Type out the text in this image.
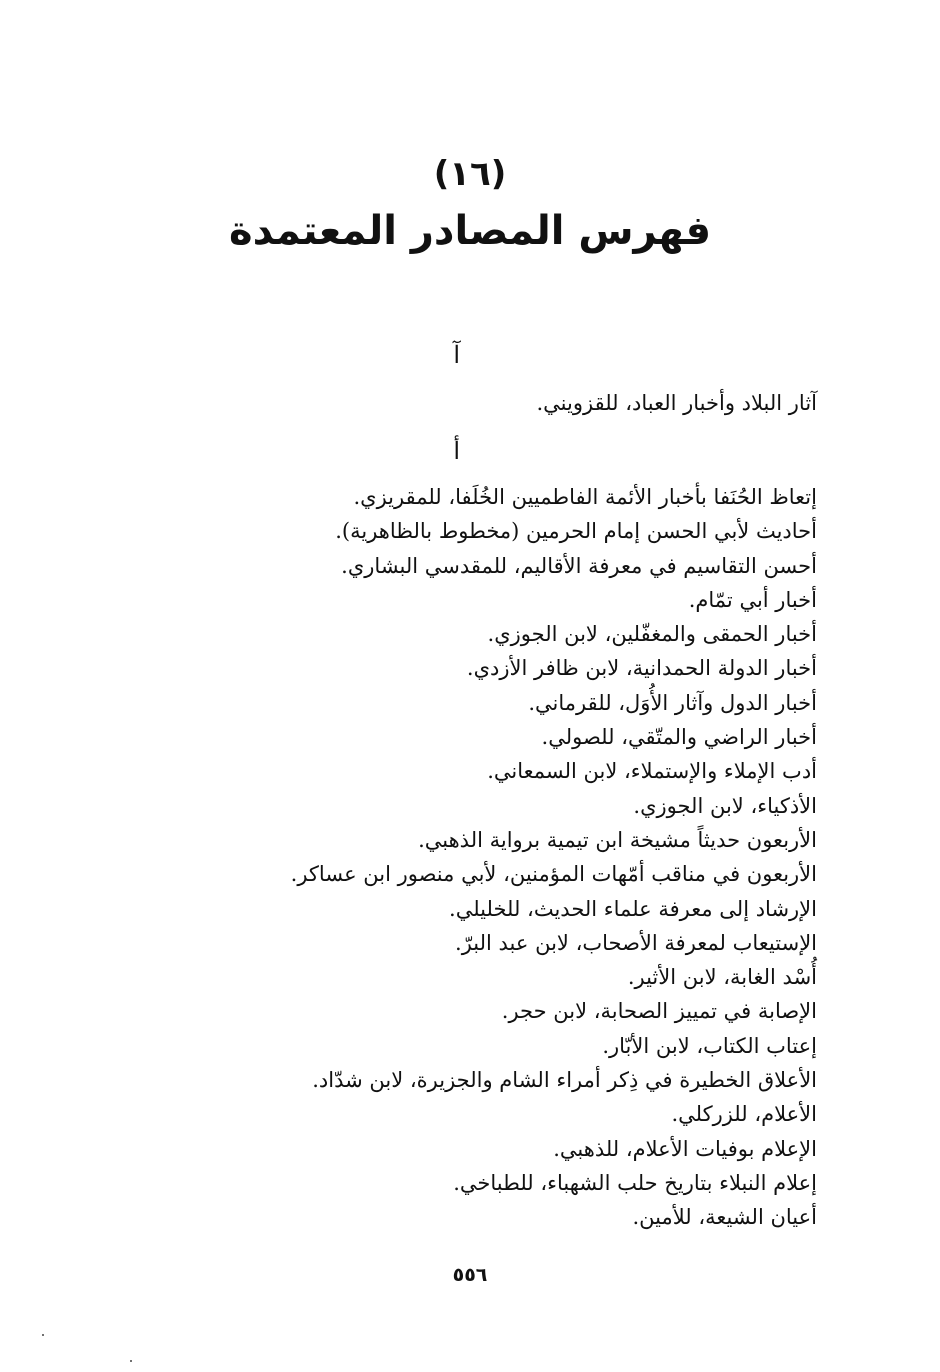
(١٦)
فهرس المصادر المعتمدة
آ
آثار البلاد وأخبار العباد، للقزويني.
أ
إتعاظ الحُنَفا بأخبار الأئمة الفاطميين الخُلَفا، للمقريزي.
أحاديث لأبي الحسن إمام الحرمين (مخطوط بالظاهرية).
أحسن التقاسيم في معرفة الأقاليم، للمقدسي البشاري.
أخبار أبي تمّام.
أخبار الحمقى والمغفّلين، لابن الجوزي.
أخبار الدولة الحمدانية، لابن ظافر الأزدي.
أخبار الدول وآثار الأُوَل، للقرماني.
أخبار الراضي والمتّقي، للصولي.
أدب الإملاء والإستملاء، لابن السمعاني.
الأذكياء، لابن الجوزي.
الأربعون حديثاً مشيخة ابن تيمية برواية الذهبي.
الأربعون في مناقب أمّهات المؤمنين، لأبي منصور ابن عساكر.
الإرشاد إلى معرفة علماء الحديث، للخليلي.
الإستيعاب لمعرفة الأصحاب، لابن عبد البرّ.
أُسْد الغابة، لابن الأثير.
الإصابة في تمييز الصحابة، لابن حجر.
إعتاب الكتاب، لابن الأبّار.
الأعلاق الخطيرة في ذِكر أمراء الشام والجزيرة، لابن شدّاد.
الأعلام، للزركلي.
الإعلام بوفيات الأعلام، للذهبي.
إعلام النبلاء بتاريخ حلب الشهباء، للطباخي.
أعيان الشيعة، للأمين.
٥٥٦
